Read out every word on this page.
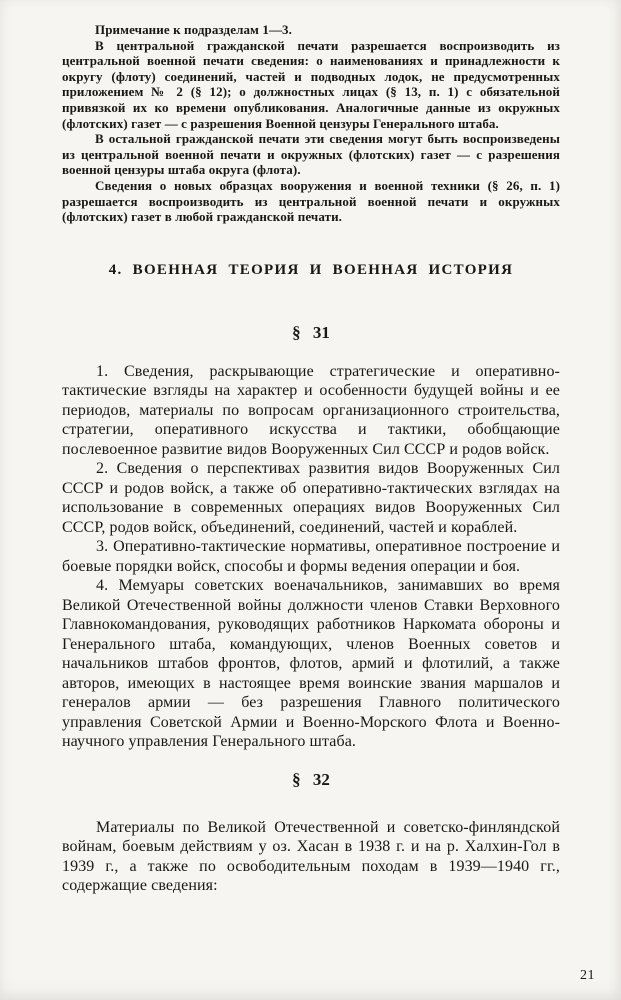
Примечание к подразделам 1—3.

В центральной гражданской печати разрешается воспроизводить из центральной военной печати сведения: о наименованиях и принадлежности к округу (флоту) соединений, частей и подводных лодок, не предусмотренных приложением № 2 (§ 12); о должностных лицах (§ 13, п. 1) с обязательной привязкой их ко времени опубликования. Аналогичные данные из окружных (флотских) газет — с разрешения Военной цензуры Генерального штаба.

В остальной гражданской печати эти сведения могут быть воспроизведены из центральной военной печати и окружных (флотских) газет — с разрешения военной цензуры штаба округа (флота).

Сведения о новых образцах вооружения и военной техники (§ 26, п. 1) разрешается воспроизводить из центральной военной печати и окружных (флотских) газет в любой гражданской печати.

4. ВОЕННАЯ ТЕОРИЯ И ВОЕННАЯ ИСТОРИЯ
§ 31

1. Сведения, раскрывающие стратегические и оперативно-тактические взгляды на характер и особенности будущей войны и ее периодов, материалы по вопросам организационного строительства, стратегии, оперативного искусства и тактики, обобщающие послевоенное развитие видов Вооруженных Сил СССР и родов войск.

2. Сведения о перспективах развития видов Вооруженных Сил СССР и родов войск, а также об оперативно-тактических взглядах на использование в современных операциях видов Вооруженных Сил СССР, родов войск, объединений, соединений, частей и кораблей.

3. Оперативно-тактические нормативы, оперативное построение и боевые порядки войск, способы и формы ведения операции и боя.

4. Мемуары советских военачальников, занимавших во время Великой Отечественной войны должности членов Ставки Верховного Главнокомандования, руководящих работников Наркомата обороны и Генерального штаба, командующих, членов Военных советов и начальников штабов фронтов, флотов, армий и флотилий, а также авторов, имеющих в настоящее время воинские звания маршалов и генералов армии — без разрешения Главного политического управления Советской Армии и Военно-Морского Флота и Военно-научного управления Генерального штаба.

§ 32

Материалы по Великой Отечественной и советско-финляндской войнам, боевым действиям у оз. Хасан в 1938 г. и на р. Халхин-Гол в 1939 г., а также по освободительным походам в 1939—1940 гг., содержащие сведения:

21
